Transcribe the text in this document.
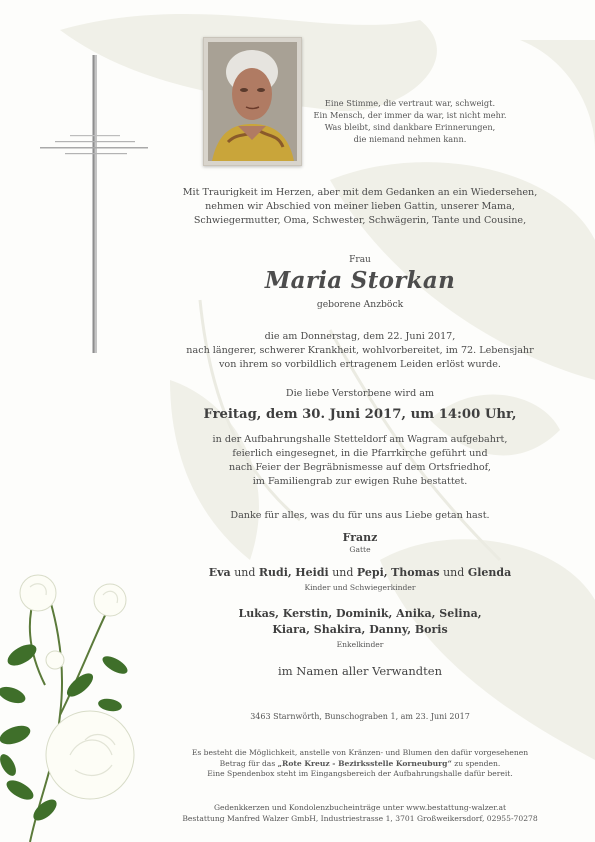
Eine Stimme, die vertraut war, schweigt.
Ein Mensch, der immer da war, ist nicht mehr.
Was bleibt, sind dankbare Erinnerungen,
die niemand nehmen kann.
Mit Traurigkeit im Herzen, aber mit dem Gedanken an ein Wiedersehen,
nehmen wir Abschied von meiner lieben Gattin, unserer Mama,
Schwiegermutter, Oma, Schwester, Schwägerin, Tante und Cousine,
Frau
Maria Storkan
geborene Anzböck
die am Donnerstag, dem 22. Juni 2017,
nach längerer, schwerer Krankheit, wohlvorbereitet, im 72. Lebensjahr
von ihrem so vorbildlich ertragenem Leiden erlöst wurde.
Die liebe Verstorbene wird am
Freitag, dem 30. Juni 2017, um 14:00 Uhr,
in der Aufbahrungshalle Stetteldorf am Wagram aufgebahrt,
feierlich eingesegnet, in die Pfarrkirche geführt und
nach Feier der Begräbnismesse auf dem Ortsfriedhof,
im Familiengrab zur ewigen Ruhe bestattet.
Danke für alles, was du für uns aus Liebe getan hast.
Franz
Gatte
Eva und Rudi, Heidi und Pepi, Thomas und Glenda
Kinder und Schwiegerkinder
Lukas, Kerstin, Dominik, Anika, Selina,
Kiara, Shakira, Danny, Boris
Enkelkinder
im Namen aller Verwandten
3463 Starnwörth, Bunschograben 1, am 23. Juni 2017
Es besteht die Möglichkeit, anstelle von Kränzen- und Blumen den dafür vorgesehenen
Betrag für das „Rote Kreuz - Bezirksstelle Korneuburg“ zu spenden.
Eine Spendenbox steht im Eingangsbereich der Aufbahrungshalle dafür bereit.
Gedenkkerzen und Kondolenzbucheinträge unter www.bestattung-walzer.at
Bestattung Manfred Walzer GmbH, Industriestrasse 1, 3701 Großweikersdorf, 02955-70278
